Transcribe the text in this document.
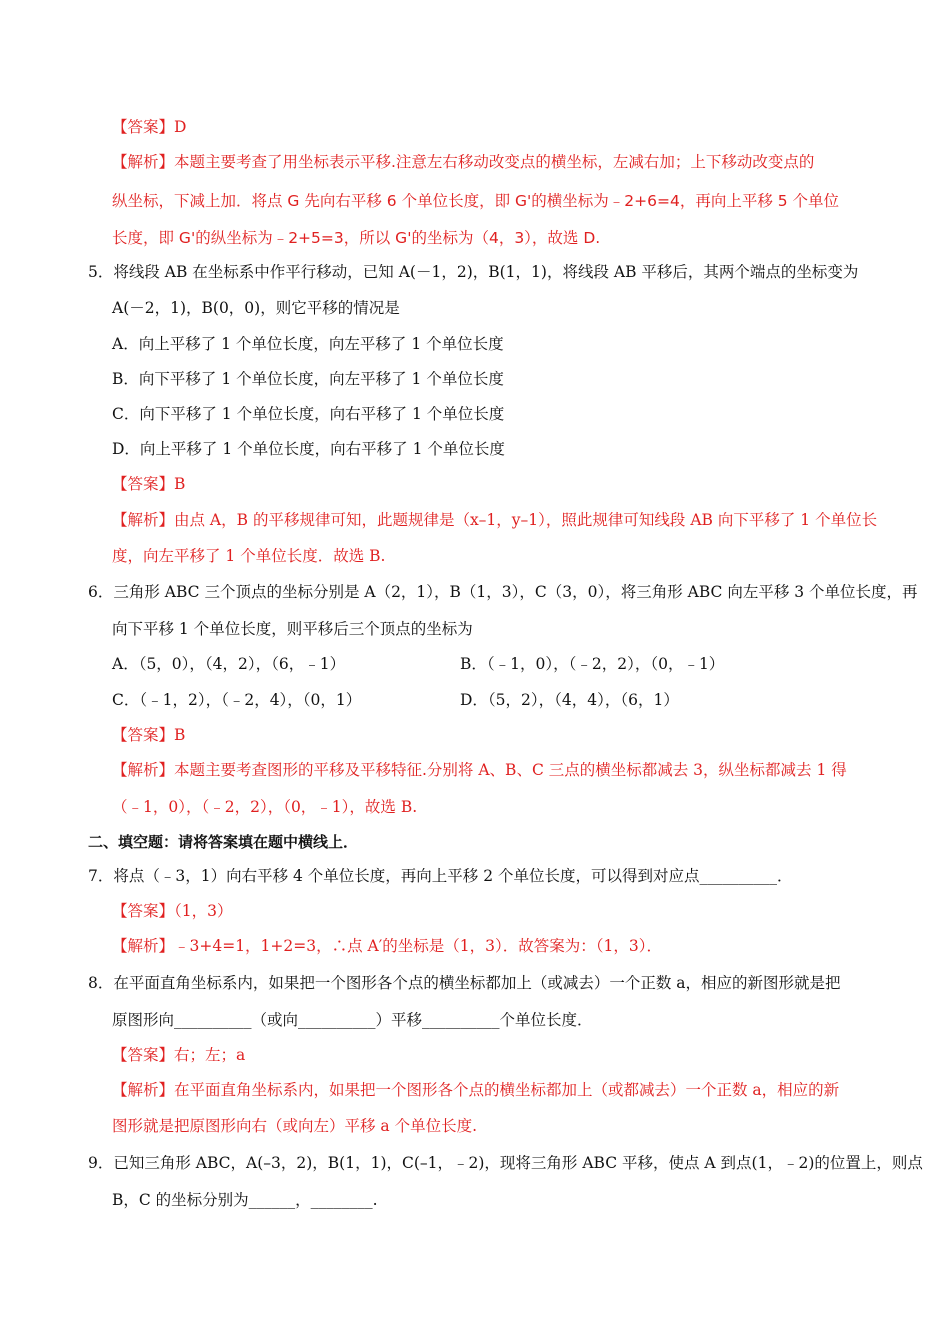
【答案】D
【解析】本题主要考查了用坐标表示平移.注意左右移动改变点的横坐标，左减右加；上下移动改变点的
纵坐标，下减上加．将点 G 先向右平移 6 个单位长度，即 G'的横坐标为﹣2+6=4，再向上平移 5 个单位
长度，即 G'的纵坐标为﹣2+5=3，所以 G'的坐标为（4，3），故选 D.
5．将线段 AB 在坐标系中作平行移动，已知 A(－1，2)，B(1，1)，将线段 AB 平移后，其两个端点的坐标变为
A(－2，1)，B(0，0)，则它平移的情况是
A．向上平移了 1 个单位长度，向左平移了 1 个单位长度
B．向下平移了 1 个单位长度，向左平移了 1 个单位长度
C．向下平移了 1 个单位长度，向右平移了 1 个单位长度
D．向上平移了 1 个单位长度，向右平移了 1 个单位长度
【答案】B
【解析】由点 A，B 的平移规律可知，此题规律是（x–1，y–1），照此规律可知线段 AB 向下平移了 1 个单位长
度，向左平移了 1 个单位长度．故选 B.
6．三角形 ABC 三个顶点的坐标分别是 A（2，1），B（1，3），C（3，0），将三角形 ABC 向左平移 3 个单位长度，再
向下平移 1 个单位长度，则平移后三个顶点的坐标为
A．（5，0），（4，2），（6，﹣1）	B．（﹣1，0），（﹣2，2），（0，﹣1）
C．（﹣1，2），（﹣2，4），（0，1）	D．（5，2），（4，4），（6，1）
【答案】B
【解析】本题主要考查图形的平移及平移特征.分别将 A、B、C 三点的横坐标都减去 3，纵坐标都减去 1 得
（﹣1，0），（﹣2，2），（0，﹣1），故选 B.
二、填空题：请将答案填在题中横线上．
7．将点（﹣3，1）向右平移 4 个单位长度，再向上平移 2 个单位长度，可以得到对应点__________．
【答案】（1，3）
【解析】﹣3+4=1，1+2=3，∴点 A′的坐标是（1，3）．故答案为：（1，3）．
8．在平面直角坐标系内，如果把一个图形各个点的横坐标都加上（或减去）一个正数 a，相应的新图形就是把
原图形向__________（或向__________）平移__________个单位长度．
【答案】右；左；a
【解析】在平面直角坐标系内，如果把一个图形各个点的横坐标都加上（或都减去）一个正数 a，相应的新
图形就是把原图形向右（或向左）平移 a 个单位长度.
9．已知三角形 ABC，A(–3，2)，B(1，1)，C(–1，﹣2)，现将三角形 ABC 平移，使点 A 到点(1，﹣2)的位置上，则点
B，C 的坐标分别为______，________.
